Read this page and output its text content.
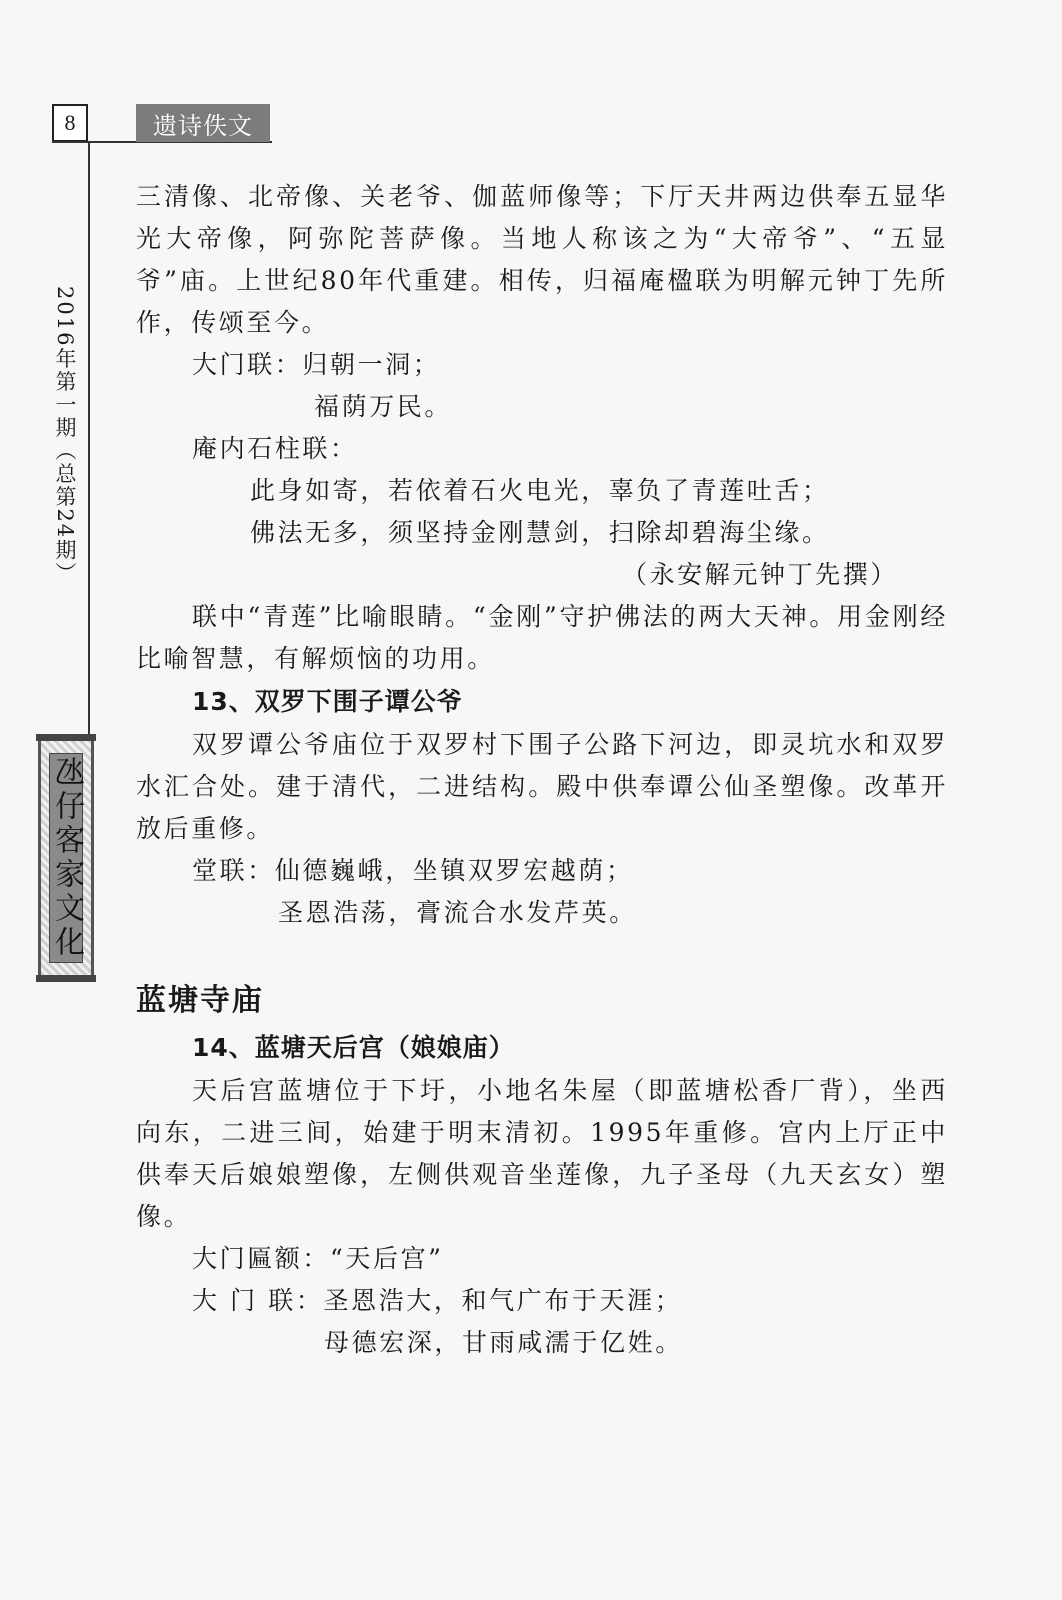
8	遗诗佚文
2016年第一期（总第24期）
氹仔客家文化

三清像、北帝像、关老爷、伽蓝师像等；下厅天井两边供奉五显华光大帝像，阿弥陀菩萨像。当地人称该之为“大帝爷”、“五显爷”庙。上世纪80年代重建。相传，归福庵楹联为明解元钟丁先所作，传颂至今。

大门联：归朝一洞；

福荫万民。

庵内石柱联：

此身如寄，若依着石火电光，辜负了青莲吐舌；

佛法无多，须坚持金刚慧剑，扫除却碧海尘缘。

（永安解元钟丁先撰）

联中“青莲”比喻眼睛。“金刚”守护佛法的两大天神。用金刚经比喻智慧，有解烦恼的功用。

13、双罗下围子谭公爷

双罗谭公爷庙位于双罗村下围子公路下河边，即灵坑水和双罗水汇合处。建于清代，二进结构。殿中供奉谭公仙圣塑像。改革开放后重修。

堂联：仙德巍峨，坐镇双罗宏越荫；

圣恩浩荡，膏流合水发芹英。

蓝塘寺庙

14、蓝塘天后宫（娘娘庙）

天后宫蓝塘位于下圩，小地名朱屋（即蓝塘松香厂背），坐西向东，二进三间，始建于明末清初。1995年重修。宫内上厅正中供奉天后娘娘塑像，左侧供观音坐莲像，九子圣母（九天玄女）塑像。

大门匾额：“天后宫”

大 门 联：圣恩浩大，和气广布于天涯；

母德宏深，甘雨咸濡于亿姓。
